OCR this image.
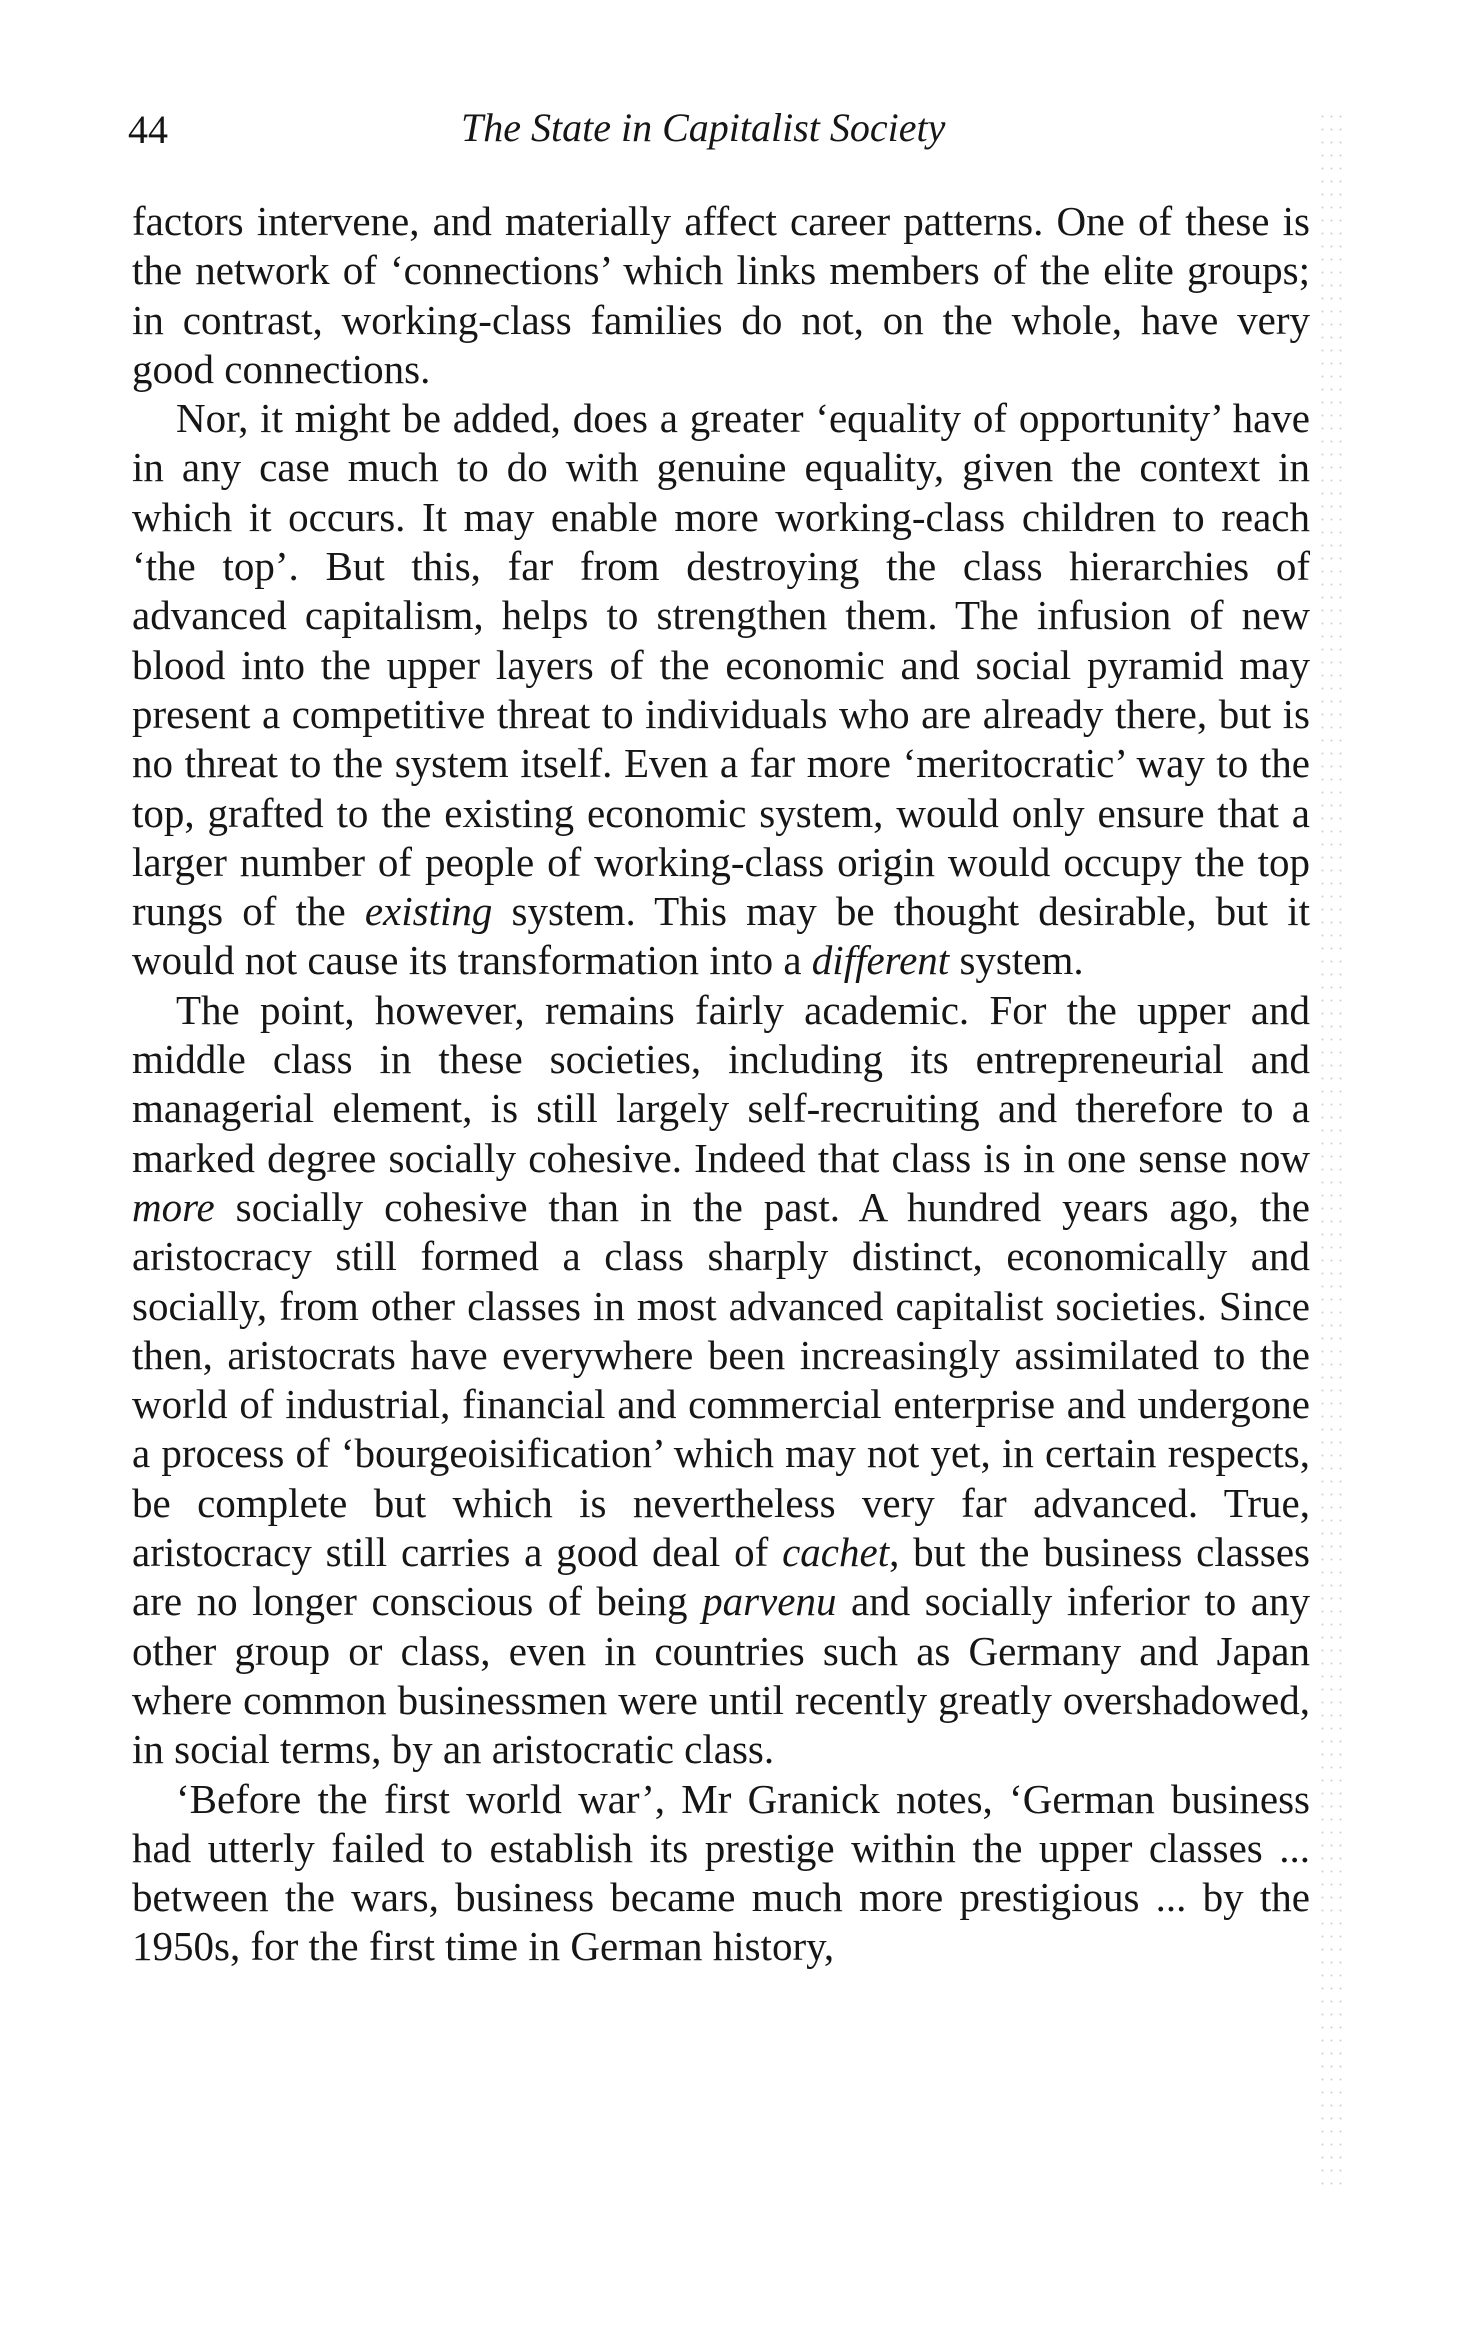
44	The State in Capitalist Society

factors intervene, and materially affect career patterns. One of these is the network of ‘connections’ which links members of the elite groups; in contrast, working-class families do not, on the whole, have very good connections.

Nor, it might be added, does a greater ‘equality of opportunity’ have in any case much to do with genuine equality, given the context in which it occurs. It may enable more working-class children to reach ‘the top’. But this, far from destroying the class hierarchies of advanced capitalism, helps to strengthen them. The infusion of new blood into the upper layers of the economic and social pyramid may present a competitive threat to individuals who are already there, but is no threat to the system itself. Even a far more ‘meritocratic’ way to the top, grafted to the existing economic system, would only ensure that a larger number of people of working-class origin would occupy the top rungs of the existing system. This may be thought desirable, but it would not cause its transformation into a different system.

The point, however, remains fairly academic. For the upper and middle class in these societies, including its entrepreneurial and managerial element, is still largely self-recruiting and therefore to a marked degree socially cohesive. Indeed that class is in one sense now more socially cohesive than in the past. A hundred years ago, the aristocracy still formed a class sharply distinct, economically and socially, from other classes in most advanced capitalist societies. Since then, aristocrats have everywhere been increasingly assimilated to the world of industrial, financial and commercial enterprise and undergone a process of ‘bourgeoisification’ which may not yet, in certain respects, be complete but which is nevertheless very far advanced. True, aristocracy still carries a good deal of cachet, but the business classes are no longer conscious of being parvenu and socially inferior to any other group or class, even in countries such as Germany and Japan where common businessmen were until recently greatly overshadowed, in social terms, by an aristocratic class.

‘Before the first world war’, Mr Granick notes, ‘German business had utterly failed to establish its prestige within the upper classes ... between the wars, business became much more prestigious ... by the 1950s, for the first time in German history,
